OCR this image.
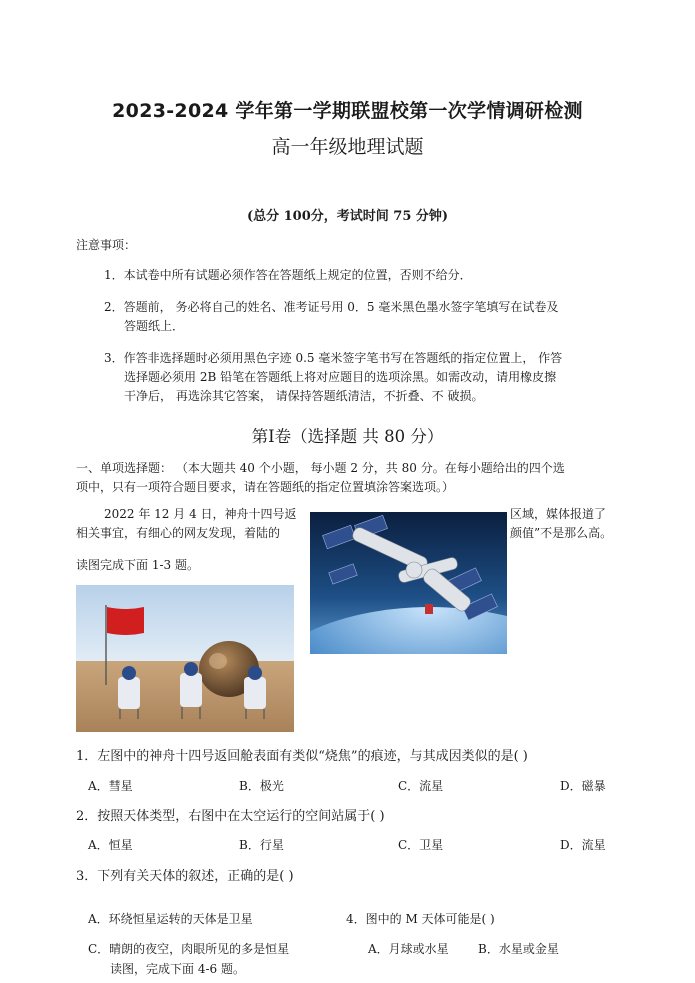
2023-2024 学年第一学期联盟校第一次学情调研检测
高一年级地理试题
(总分 100分，考试时间 75 分钟)
注意事项：
1．本试卷中所有试题必须作答在答题纸上规定的位置，否则不给分．
2．答题前， 务必将自己的姓名、准考证号用 0．5 毫米黑色墨水签字笔填写在试卷及
答题纸上．
3．作答非选择题时必须用黑色字迹 0.5 毫米签字笔书写在答题纸的指定位置上， 作答
选择题必须用 2B 铅笔在答题纸上将对应题目的选项涂黑。如需改动，请用橡皮擦
干净后， 再选涂其它答案， 请保持答题纸清洁，不折叠、不 破损。
第Ⅰ卷（选择题 共 80 分）
一、单项选择题： （本大题共 40 个小题， 每小题 2 分，共 80 分。在每小题给出的四个选
项中，只有一项符合题目要求，请在答题纸的指定位置填涂答案选项。）
2022 年 12 月 4 日，神舟十四号返	区域，媒体报道了
相关事宜，有细心的网友发现，着陆的	颜值”不是那么高。
读图完成下面 1-3 题。
1．左图中的神舟十四号返回舱表面有类似“烧焦”的痕迹，与其成因类似的是( )
A．彗星	B．极光	C．流星	D．磁暴
2．按照天体类型，右图中在太空运行的空间站属于( )
A．恒星	B．行星	C．卫星	D．流星
3．下列有关天体的叙述，正确的是( )
A．环绕恒星运转的天体是卫星
C．晴朗的夜空，肉眼所见的多是恒星
4．图中的 M 天体可能是( )
A．月球或水星 B．水星或金星
读图，完成下面 4-6 题。
